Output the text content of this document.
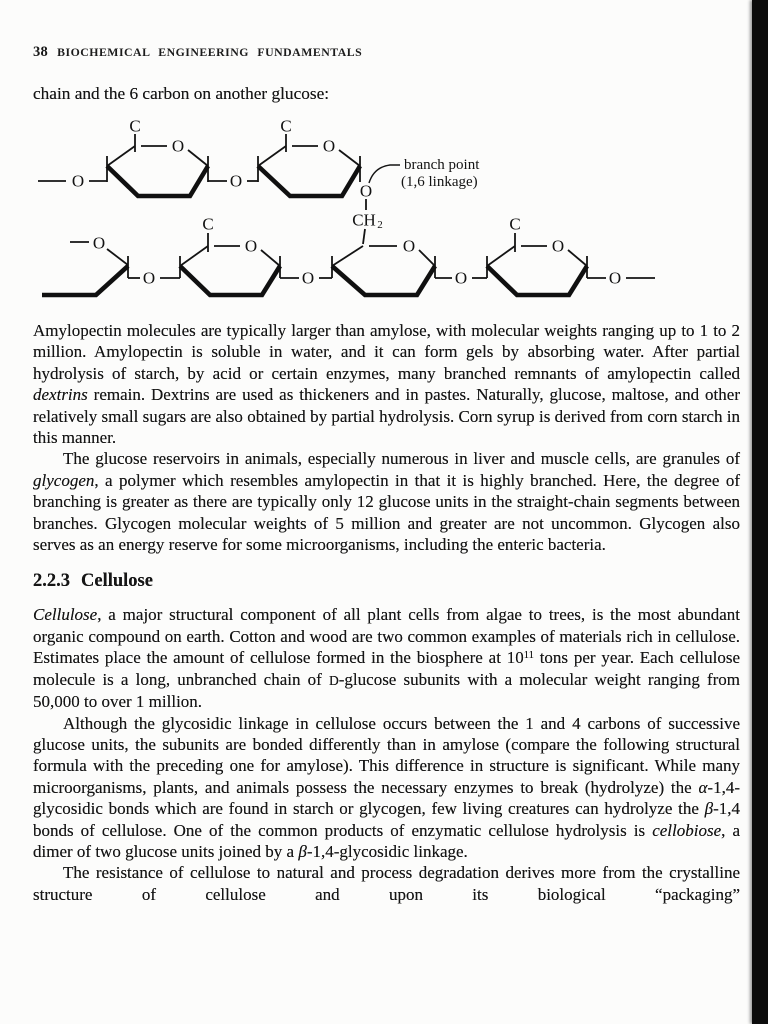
38 BIOCHEMICAL ENGINEERING FUNDAMENTALS

chain and the 6 carbon on another glucose:

O
C
O
O
C
O
O
CH 2
branch point
(1,6 linkage)
O
O
C
O
O
O
O
C
O
O

Amylopectin molecules are typically larger than amylose, with molecular weights ranging up to 1 to 2 million. Amylopectin is soluble in water, and it can form gels by absorbing water. After partial hydrolysis of starch, by acid or certain enzymes, many branched remnants of amylopectin called dextrins remain. Dextrins are used as thickeners and in pastes. Naturally, glucose, maltose, and other relatively small sugars are also obtained by partial hydrolysis. Corn syrup is derived from corn starch in this manner.

The glucose reservoirs in animals, especially numerous in liver and muscle cells, are granules of glycogen, a polymer which resembles amylopectin in that it is highly branched. Here, the degree of branching is greater as there are typically only 12 glucose units in the straight-chain segments between branches. Glycogen molecular weights of 5 million and greater are not uncommon. Glycogen also serves as an energy reserve for some microorganisms, including the enteric bacteria.

2.2.3 Cellulose

Cellulose, a major structural component of all plant cells from algae to trees, is the most abundant organic compound on earth. Cotton and wood are two common examples of materials rich in cellulose. Estimates place the amount of cellulose formed in the biosphere at $10^{11}$ tons per year. Each cellulose molecule is a long, unbranched chain of D-glucose subunits with a molecular weight ranging from 50,000 to over 1 million.

Although the glycosidic linkage in cellulose occurs between the 1 and 4 carbons of successive glucose units, the subunits are bonded differently than in amylose (compare the following structural formula with the preceding one for amylose). This difference in structure is significant. While many microorganisms, plants, and animals possess the necessary enzymes to break (hydrolyze) the α-1,4-glycosidic bonds which are found in starch or glycogen, few living creatures can hydrolyze the β-1,4 bonds of cellulose. One of the common products of enzymatic cellulose hydrolysis is cellobiose, a dimer of two glucose units joined by a β-1,4-glycosidic linkage.

The resistance of cellulose to natural and process degradation derives more from the crystalline structure of cellulose and upon its biological “packaging”
